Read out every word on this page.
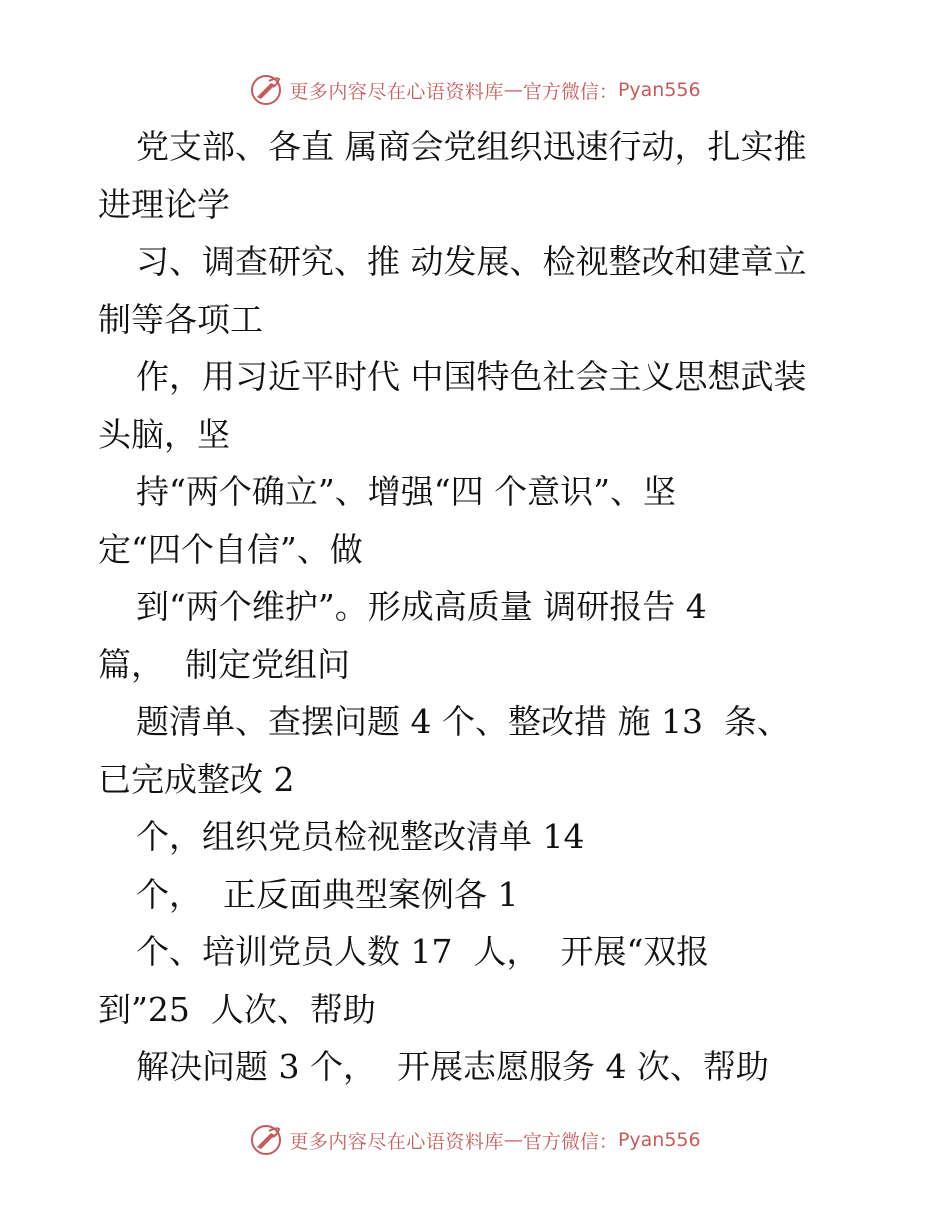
更多内容尽在心语资料库 — 官方微信： Pyan556
党支部、各直 属商会党组织迅速行动，扎实推
进理论学
习、调查研究、推 动发展、检视整改和建章立
制等各项工
作，用习近平时代 中国特色社会主义思想武装
头脑，坚
持“两个确立”、增强“四 个意识”、坚
定“四个自信”、做
到“两个维护”。形成高质量 调研报告 4
篇，  制定党组问
题清单、查摆问题 4 个、整改措 施 13  条、
已完成整改 2
个，组织党员检视整改清单 14
个，  正反面典型案例各 1
个、培训党员人数 17  人，  开展“双报
到”25  人次、帮助
解决问题 3 个，  开展志愿服务 4 次、帮助
更多内容尽在心语资料库 — 官方微信： Pyan556
